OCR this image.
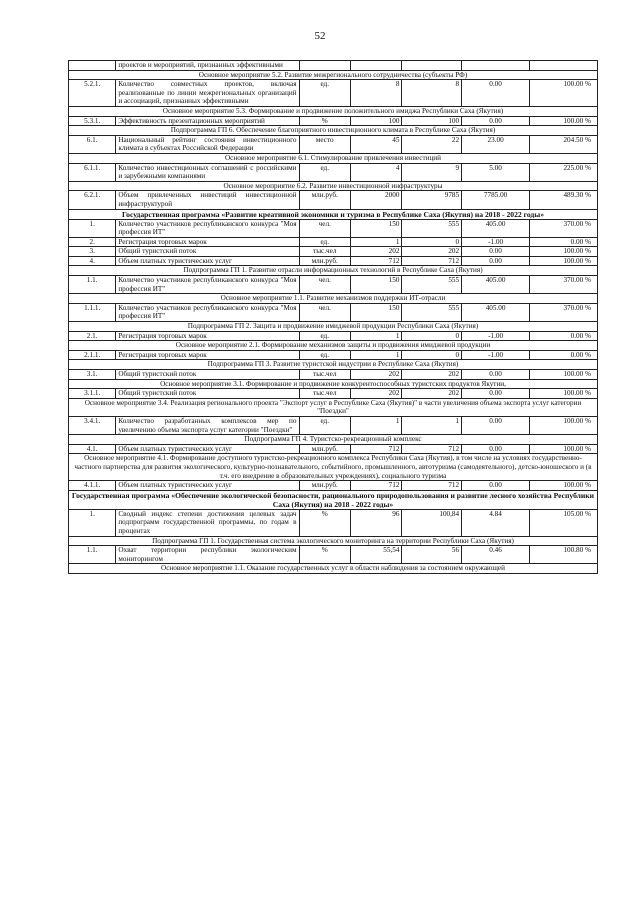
52
	проектов и мероприятий, признанных эффективными					
Основное мероприятие 5.2. Развитие межрегионального сотрудничества (субъекты РФ)						
5.2.1.	Количество совместных проектов, включая реализованные по линии межрегиональных организаций и ассоциаций, признанных эффективными	ед.	8	8	0.00	100.00 %
Основное мероприятие 5.3. Формирование и продвижение положительного имиджа Республики Саха (Якутия)						
5.3.1.	Эффективность презентационных мероприятий	%	100	100	0.00	100.00 %
Подпрограмма ГП 6. Обеспечение благоприятного инвестиционного климата в Республике Саха (Якутия)						
6.1.	Национальный рейтинг состояния инвестиционного климата в субъектах Российской Федерации	место	45	22	23.00	204.50 %
Основное мероприятие 6.1. Стимулирование привлечения инвестиций						
6.1.1.	Количество инвестиционных соглашений с российскими и зарубежными компаниями	ед.	4	9	5.00	225.00 %
Основное мероприятие 6.2. Развитие инвестиционной инфраструктуры						
6.2.1.	Объем привлеченных инвестиций инвестиционной инфраструктурой	млн.руб.	2000	9785	7785.00	489.30 %
Государственная программа «Развитие креативной экономики и туризма в Республике Саха (Якутия) на 2018 - 2022 годы»						
1.	Количество участников республиканского конкурса "Моя профессия ИТ"	чел.	150	555	405.00	370.00 %
2.	Регистрация торговых марок	ед.	1	0	-1.00	0.00 %
3.	Общий туристский поток	тыс.чел	202	202	0.00	100.00 %
4.	Объем платных туристических услуг	млн.руб.	712	712	0.00	100.00 %
Подпрограмма ГП 1. Развитие отрасли информационных технологий в Республике Саха (Якутия)						
1.1.	Количество участников республиканского конкурса "Моя профессия ИТ"	чел.	150	555	405.00	370.00 %
Основное мероприятие 1.1. Развитие механизмов поддержки ИТ-отрасли						
1.1.1.	Количество участников республиканского конкурса "Моя профессия ИТ"	чел.	150	555	405.00	370.00 %
Подпрограмма ГП 2. Защита и продвижение имиджевой продукции Республики Саха (Якутия)						
2.1.	Регистрация торговых марок	ед.	1	0	-1.00	0.00 %
Основное мероприятие 2.1. Формирование механизмов защиты и продвижения имиджевой продукции						
2.1.1.	Регистрация торговых марок	ед.	1	0	-1.00	0.00 %
Подпрограмма ГП 3. Развитие туристской индустрии в Республике Саха (Якутия)						
3.1.	Общий туристский поток	тыс.чел	202	202	0.00	100.00 %
Основное мероприятие 3.1. Формирование и продвижение конкурентоспособных туристских продуктов Якутии,						
3.1.1.	Общий туристский поток	тыс.чел	202	202	0.00	100.00 %
Основное мероприятие 3.4. Реализация регионального проекта "Экспорт услуг в Республике Саха (Якутия)" в части увеличения объема экспорта услуг категории "Поездки"						
3.4.1.	Количество разработанных комплексов мер по увеличению объема экспорта услуг категории "Поездки"	ед.	1	1	0.00	100.00 %
Подпрограмма ГП 4. Туристско-рекреационный комплекс						
4.1.	Объем платных туристических услуг	млн.руб.	712	712	0.00	100.00 %
Основное мероприятие 4.1. Формирование доступного туристско-рекреационного комплекса Республики Саха (Якутия), в том числе на условиях государственно-частного партнерства для развития экологического, культурно-познавательного, событийного, промышленного, автотуризма (самодеятельного), детско-юношеского и (в т.ч. его внедрение в образовательных учреждениях), социального туризма						
4.1.1.	Объем платных туристических услуг	млн.руб.	712	712	0.00	100.00 %
Государственная программа «Обеспечение экологической безопасности, рационального природопользования и развитие лесного хозяйства Республики Саха (Якутия) на 2018 - 2022 годы»						
1.	Сводный индекс степени достижения целевых задач подпрограмм государственной программы, по годам в процентах	%	96	100,84	4.84	105.00 %
Подпрограмма ГП 1. Государственная система экологического мониторинга на территории Республики Саха (Якутия)						
1.1.	Охват территории республики экологическим мониторингом	%	55,54	56	0.46	100.80 %
Основное мероприятие 1.1. Оказание государственных услуг в области наблюдения за состоянием окружающей						
